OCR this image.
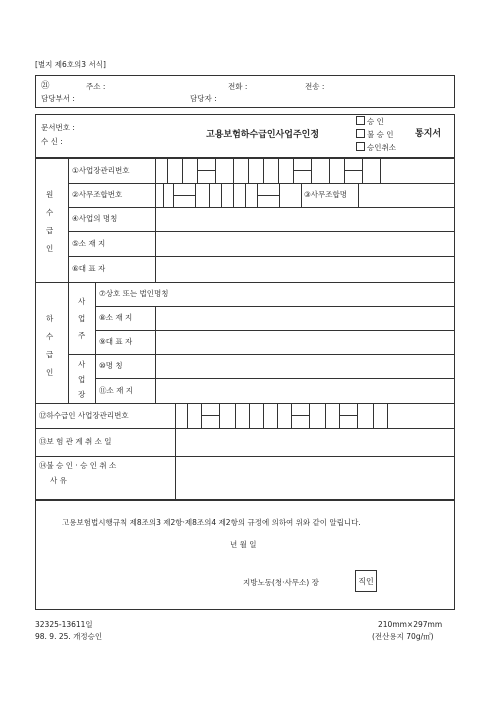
[별지 제6호의3 서식]
㉑	주소 :	전화 :	전송 :
담당부서 :	담당자 :
문서번호 :
수 신 :
고용보험하수급인사업주인정
승 인
불 승 인
승인취소
통지서
원
수
급
인
하
수
급
인
사
업
주
사
업
장
①사업장관리번호
②사무조합번호	③사무조합명
④사업의 명칭
⑤소 재 지
⑥대 표 자
⑦상호 또는 법인명칭
⑧소 재 지
⑨대 표 자
⑩명 칭
⑪소 재 지
⑫하수급인 사업장관리번호
⑬보 험 관 계 취 소 일
⑭불 승 인 · 승 인 취 소
사 유
고용보험법시행규칙 제8조의3 제2항·제8조의4 제2항의 규정에 의하여 위와 같이 알립니다.
년 월 일
지방노동(청·사무소) 장	직인
32325-13611일
98. 9. 25. 개정승인
210mm×297mm
(전산용지 70g/㎡)
